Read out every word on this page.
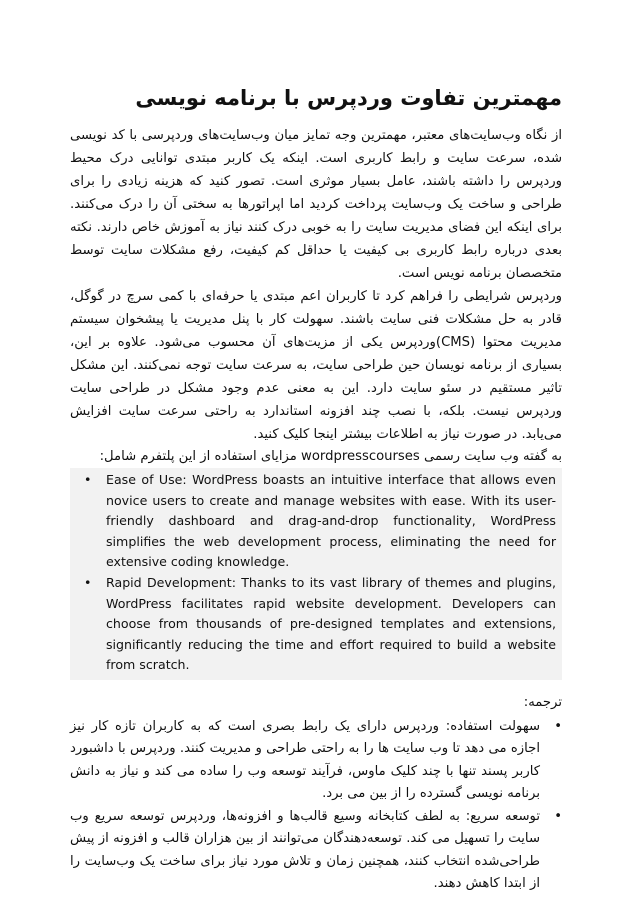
مهمترین تفاوت وردپرس با برنامه نویسی

از نگاه وب‌سایت‌های معتبر، مهمترین وجه تمایز میان وب‌سایت‌های وردپرسی با کد نویسی شده، سرعت سایت و رابط کاربری است. اینکه یک کاربر مبتدی توانایی درک محیط وردپرس را داشته باشند، عامل بسیار موثری است. تصور کنید که هزینه زیادی را برای طراحی و ساخت یک وب‌سایت پرداخت کردید اما اپراتورها به سختی آن را درک می‌کنند. برای اینکه این فضای مدیریت سایت را به خوبی درک کنند نیاز به آموزش خاص دارند. نکته بعدی درباره رابط کاربری بی کیفیت یا حداقل کم کیفیت، رفع مشکلات سایت توسط متخصصان برنامه نویس است.

وردپرس شرایطی را فراهم کرد تا کاربران اعم مبتدی یا حرفه‌ای با کمی سرچ در گوگل، قادر به حل مشکلات فنی سایت باشند. سهولت کار با پنل مدیریت یا پیشخوان سیستم مدیریت محتوا (CMS)وردپرس یکی از مزیت‌های آن محسوب می‌شود. علاوه بر این، بسیاری از برنامه نویسان حین طراحی سایت، به سرعت سایت توجه نمی‌کنند. این مشکل تاثیر مستقیم در سئو سایت دارد. این به معنی عدم وجود مشکل در طراحی سایت وردپرس نیست. بلکه، با نصب چند افزونه استاندارد به راحتی سرعت سایت افزایش می‌یابد. در صورت نیاز به اطلاعات بیشتر اینجا کلیک کنید.

به گفته وب سایت رسمی wordpresscourses مزایای استفاده از این پلتفرم شامل:

• Ease of Use: WordPress boasts an intuitive interface that allows even novice users to create and manage websites with ease. With its user-friendly dashboard and drag-and-drop functionality, WordPress simplifies the web development process, eliminating the need for extensive coding knowledge.
• Rapid Development: Thanks to its vast library of themes and plugins, WordPress facilitates rapid website development. Developers can choose from thousands of pre-designed templates and extensions, significantly reducing the time and effort required to build a website from scratch.

ترجمه:

•
سهولت استفاده: وردپرس دارای یک رابط بصری است که به کاربران تازه کار نیز اجازه می دهد تا وب سایت ها را به راحتی طراحی و مدیریت کنند. وردپرس با داشبورد کاربر پسند تنها با چند کلیک ماوس، فرآیند توسعه وب را ساده می کند و نیاز به دانش برنامه نویسی گسترده را از بین می برد.
•
توسعه سریع: به لطف کتابخانه وسیع قالب‌ها و افزونه‌ها، وردپرس توسعه سریع وب سایت را تسهیل می کند. توسعه‌دهندگان می‌توانند از بین هزاران قالب و افزونه از پیش طراحی‌شده انتخاب کنند، همچنین زمان و تلاش مورد نیاز برای ساخت یک وب‌سایت را از ابتدا کاهش دهند.
